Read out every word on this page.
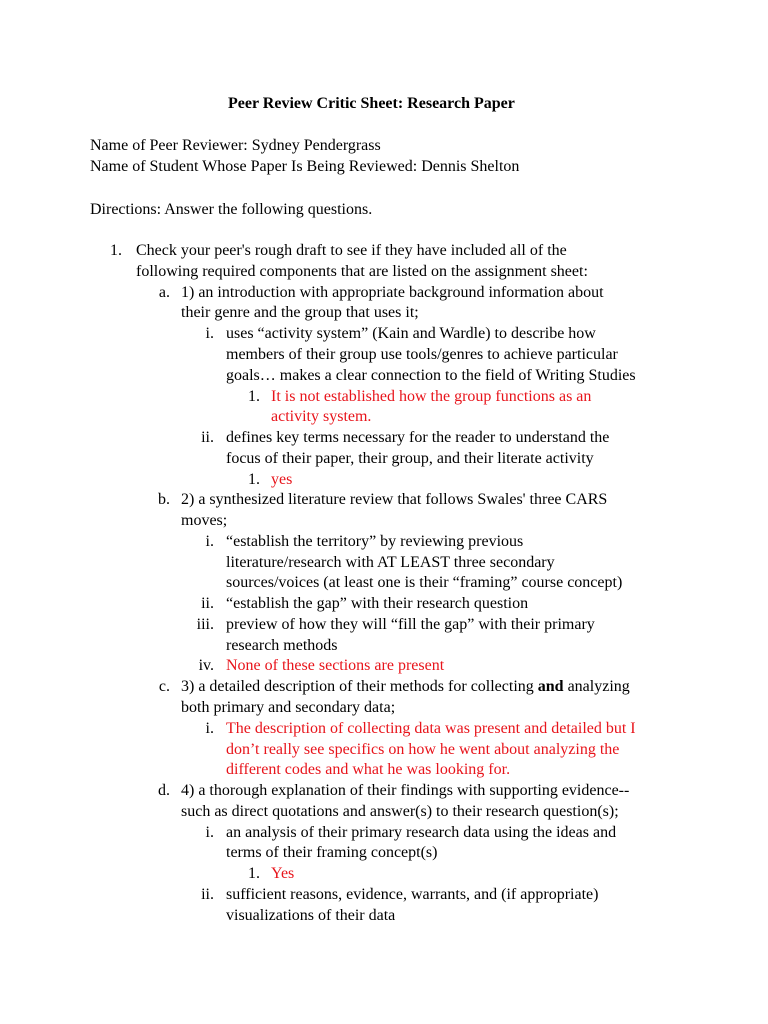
Peer Review Critic Sheet: Research Paper
Name of Peer Reviewer: Sydney Pendergrass
Name of Student Whose Paper Is Being Reviewed: Dennis Shelton
Directions: Answer the following questions.
1. Check your peer's rough draft to see if they have included all of the
following required components that are listed on the assignment sheet:
a. 1) an introduction with appropriate background information about
their genre and the group that uses it;
i. uses “activity system” (Kain and Wardle) to describe how
members of their group use tools/genres to achieve particular
goals… makes a clear connection to the field of Writing Studies
1. It is not established how the group functions as an
activity system.
ii. defines key terms necessary for the reader to understand the
focus of their paper, their group, and their literate activity
1. yes
b. 2) a synthesized literature review that follows Swales' three CARS
moves;
i. “establish the territory” by reviewing previous
literature/research with AT LEAST three secondary
sources/voices (at least one is their “framing” course concept)
ii. “establish the gap” with their research question
iii. preview of how they will “fill the gap” with their primary
research methods
iv. None of these sections are present
c. 3) a detailed description of their methods for collecting and analyzing
both primary and secondary data;
i. The description of collecting data was present and detailed but I
don’t really see specifics on how he went about analyzing the
different codes and what he was looking for.
d. 4) a thorough explanation of their findings with supporting evidence--
such as direct quotations and answer(s) to their research question(s);
i. an analysis of their primary research data using the ideas and
terms of their framing concept(s)
1. Yes
ii. sufficient reasons, evidence, warrants, and (if appropriate)
visualizations of their data
